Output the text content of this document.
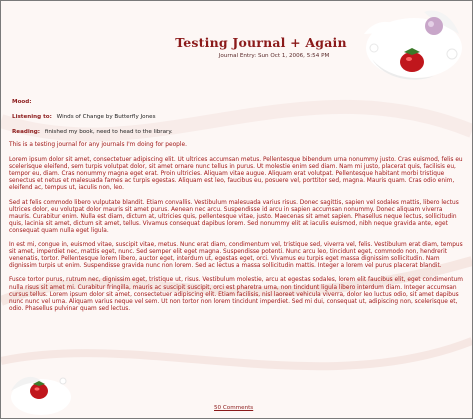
Testing Journal + Again
Journal Entry: Sun Oct 1, 2006, 5:54 PM
Mood:
Listening to: Winds of Change by Butterfly Jones
Reading: finished my book, need to head to the library.

This is a testing journal for any journals I'm doing for people.

Lorem ipsum dolor sit amet, consectetuer adipiscing elit. Ut ultrices accumsan metus. Pellentesque bibendum urna nonummy justo. Cras euismod, felis eu scelerisque eleifend, sem turpis volutpat dolor, sit amet ornare nunc tellus in purus. Ut molestie enim sed diam. Nam mi justo, placerat quis, facilisis eu, tempor eu, diam. Cras nonummy magna eget erat. Proin ultricies. Aliquam vitae augue. Aliquam erat volutpat. Pellentesque habitant morbi tristique senectus et netus et malesuada fames ac turpis egestas. Aliquam est leo, faucibus eu, posuere vel, porttitor sed, magna. Mauris quam. Cras odio enim, eleifend ac, tempus ut, iaculis non, leo.

Sed at felis commodo libero vulputate blandit. Etiam convallis. Vestibulum malesuada varius risus. Donec sagittis, sapien vel sodales mattis, libero lectus ultrices dolor, eu volutpat dolor mauris sit amet purus. Aenean nec arcu. Suspendisse id arcu in sapien accumsan nonummy. Donec aliquam viverra mauris. Curabitur enim. Nulla est diam, dictum at, ultricies quis, pellentesque vitae, justo. Maecenas sit amet sapien. Phasellus neque lectus, sollicitudin quis, lacinia sit amet, dictum sit amet, tellus. Vivamus consequat dapibus lorem. Sed nonummy elit at iaculis euismod, nibh neque gravida ante, eget consequat quam nulla eget ligula.

In est mi, congue in, euismod vitae, suscipit vitae, metus. Nunc erat diam, condimentum vel, tristique sed, viverra vel, felis. Vestibulum erat diam, tempus sit amet, imperdiet nec, mattis eget, nunc. Sed semper elit eget magna. Suspendisse potenti. Nunc arcu leo, tincidunt eget, commodo non, hendrerit venenatis, tortor. Pellentesque lorem libero, auctor eget, interdum ut, egestas eget, orci. Vivamus eu turpis eget massa dignissim sollicitudin. Nam dignissim turpis ut enim. Suspendisse gravida nunc non lorem. Sed ac lectus a massa sollicitudin mattis. Integer a lorem vel purus placerat blandit.

Fusce tortor purus, rutrum nec, dignissim eget, tristique ut, risus. Vestibulum molestie, arcu at egestas sodales, lorem elit faucibus elit, eget condimentum nulla risus sit amet mi. Curabitur fringilla, mauris ac suscipit suscipit, orci est pharetra urna, non tincidunt ligula libero interdum diam. Integer accumsan cursus tellus. Lorem ipsum dolor sit amet, consectetuer adipiscing elit. Etiam facilisis, nisl laoreet vehicula viverra, dolor leo luctus odio, sit amet dapibus nunc nunc vel urna. Aliquam varius neque vel sem. Ut non tortor non lorem tincidunt imperdiet. Sed mi dui, consequat ut, adipiscing non, scelerisque et, odio. Phasellus pulvinar quam sed lectus.

50 Comments
